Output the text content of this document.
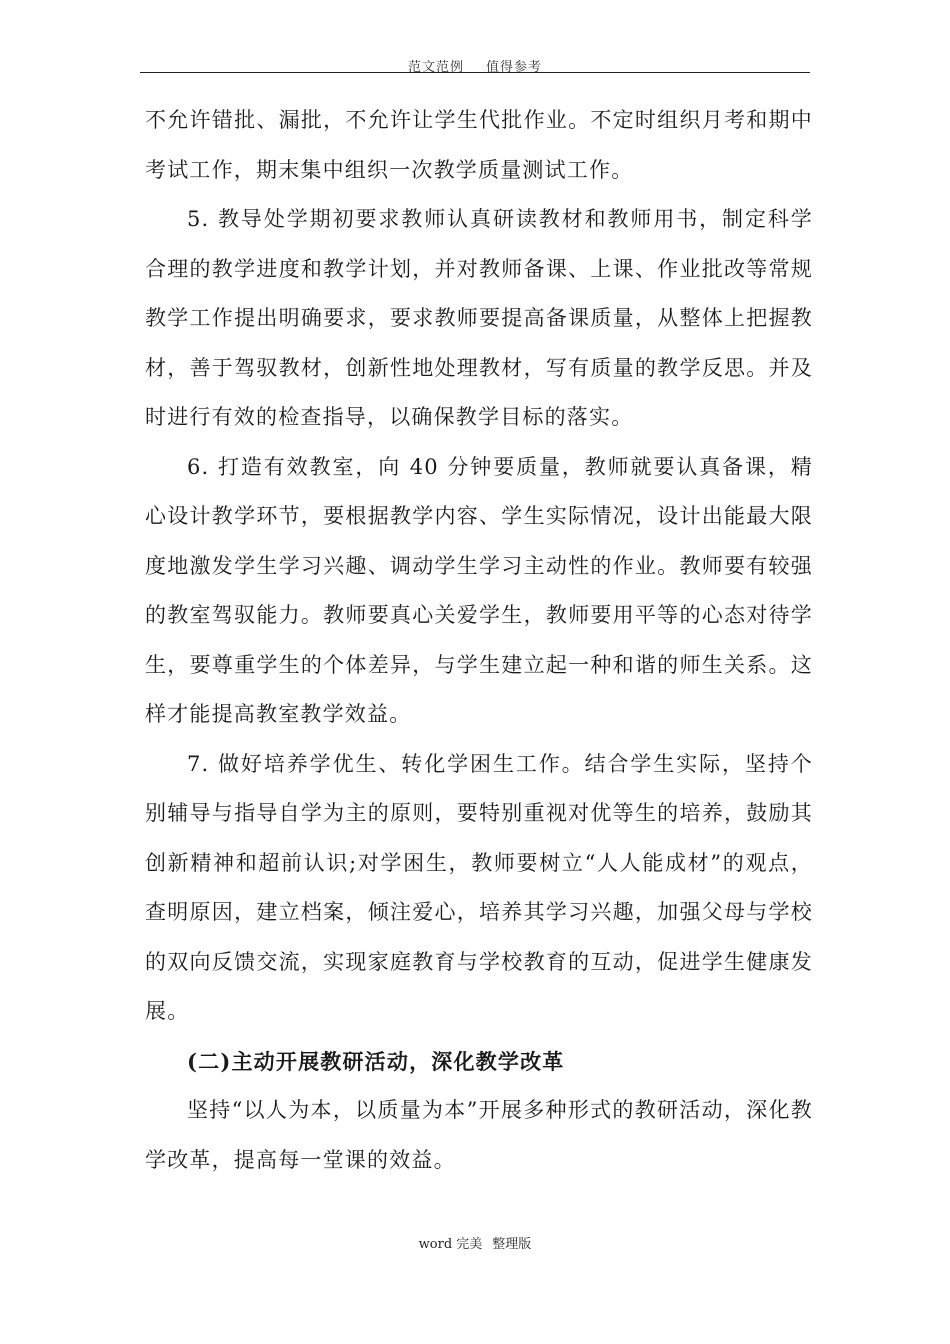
范文范例 值得参考

不允许错批、漏批，不允许让学生代批作业。不定时组织月考和期中考试工作，期末集中组织一次教学质量测试工作。

5. 教导处学期初要求教师认真研读教材和教师用书，制定科学合理的教学进度和教学计划，并对教师备课、上课、作业批改等常规教学工作提出明确要求，要求教师要提高备课质量，从整体上把握教材，善于驾驭教材，创新性地处理教材，写有质量的教学反思。并及时进行有效的检查指导，以确保教学目标的落实。

6. 打造有效教室，向 40 分钟要质量，教师就要认真备课，精心设计教学环节，要根据教学内容、学生实际情况，设计出能最大限度地激发学生学习兴趣、调动学生学习主动性的作业。教师要有较强的教室驾驭能力。教师要真心关爱学生，教师要用平等的心态对待学生，要尊重学生的个体差异，与学生建立起一种和谐的师生关系。这样才能提高教室教学效益。

7. 做好培养学优生、转化学困生工作。结合学生实际，坚持个别辅导与指导自学为主的原则，要特别重视对优等生的培养，鼓励其创新精神和超前认识;对学困生，教师要树立“人人能成材”的观点，查明原因，建立档案，倾注爱心，培养其学习兴趣，加强父母与学校的双向反馈交流，实现家庭教育与学校教育的互动，促进学生健康发展。

(二)主动开展教研活动，深化教学改革

坚持“以人为本，以质量为本”开展多种形式的教研活动，深化教学改革，提高每一堂课的效益。

word 完美 整理版
